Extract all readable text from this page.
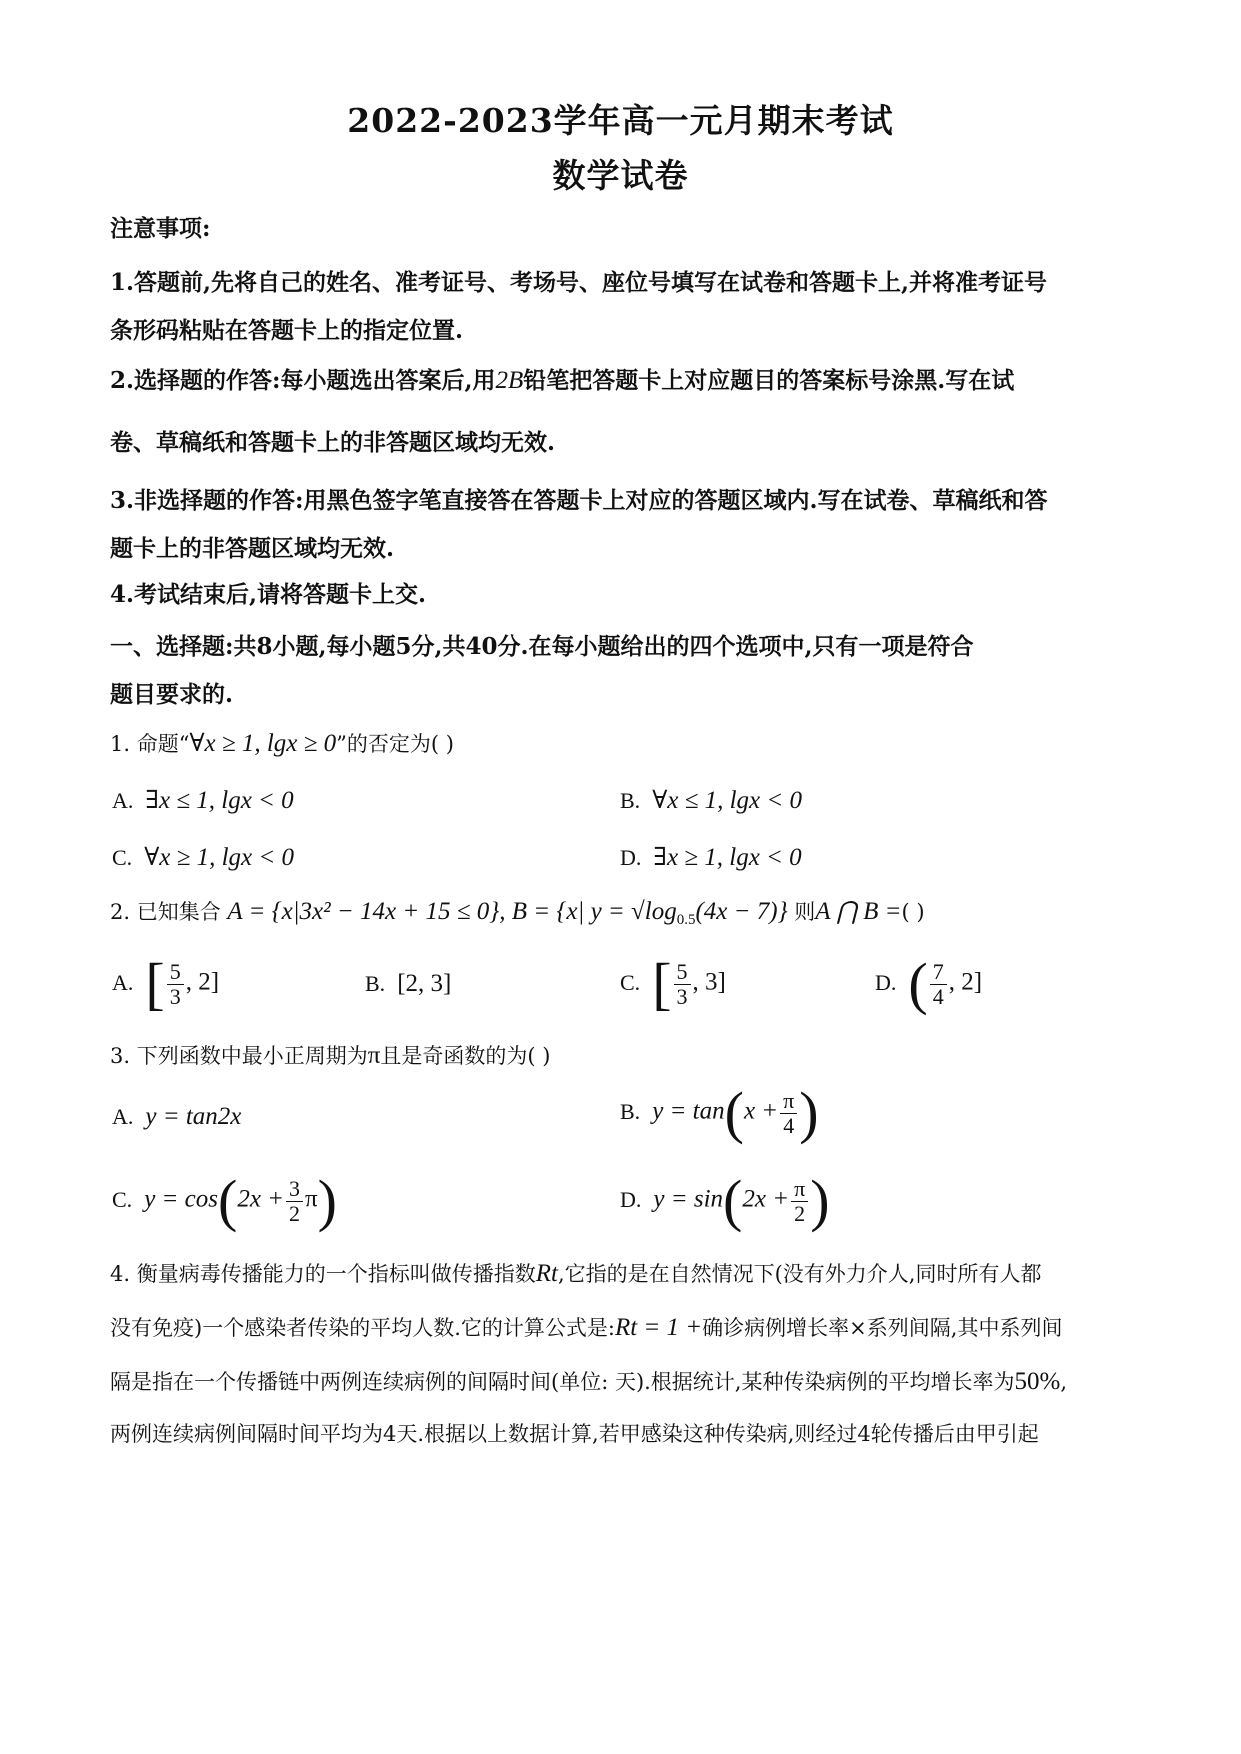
2022-2023学年高一元月期末考试
数学试卷
注意事项:
1.答题前,先将自己的姓名、准考证号、考场号、座位号填写在试卷和答题卡上,并将准考证号
条形码粘贴在答题卡上的指定位置.
2.选择题的作答:每小题选出答案后,用2B铅笔把答题卡上对应题目的答案标号涂黑.写在试
卷、草稿纸和答题卡上的非答题区域均无效.
3.非选择题的作答:用黑色签字笔直接答在答题卡上对应的答题区域内.写在试卷、草稿纸和答
题卡上的非答题区域均无效.
4.考试结束后,请将答题卡上交.
一、选择题:共8小题,每小题5分,共40分.在每小题给出的四个选项中,只有一项是符合
题目要求的.
1. 命题“∀x ≥ 1, lgx ≥ 0”的否定为( )
A. ∃x ≤ 1, lgx < 0	B. ∀x ≤ 1, lgx < 0
C. ∀x ≥ 1, lgx < 0	D. ∃x ≥ 1, lgx < 0
2. 已知集合 A = {x|3x² − 14x + 15 ≤ 0}, B = {x| $y = √\log_{0.5}(4x - 7)$} 则A ⋂ B =( )
A. [ $\frac{5}{3}$ , 2]	B. [2, 3]	C. [ $\frac{5}{3}$ , 3]	D. ( $\frac{7}{4}$ , 2]
3. 下列函数中最小正周期为π且是奇函数的为( )
A. y = tan2x	B. $y = \tan(x + \frac{\pi}{4}$ )
C. $y = \cos(2x + \frac{3}{2} \pi)$	D. $y = \sin(2x + \frac{\pi}{2}$ )
4. 衡量病毒传播能力的一个指标叫做传播指数Rt,它指的是在自然情况下(没有外力介人,同时所有人都
没有免疫)一个感染者传染的平均人数.它的计算公式是:Rt = 1 +确诊病例增长率×系列间隔,其中系列间
隔是指在一个传播链中两例连续病例的间隔时间(单位: 天).根据统计,某种传染病例的平均增长率为50%,
两例连续病例间隔时间平均为4天.根据以上数据计算,若甲感染这种传染病,则经过4轮传播后由甲引起
